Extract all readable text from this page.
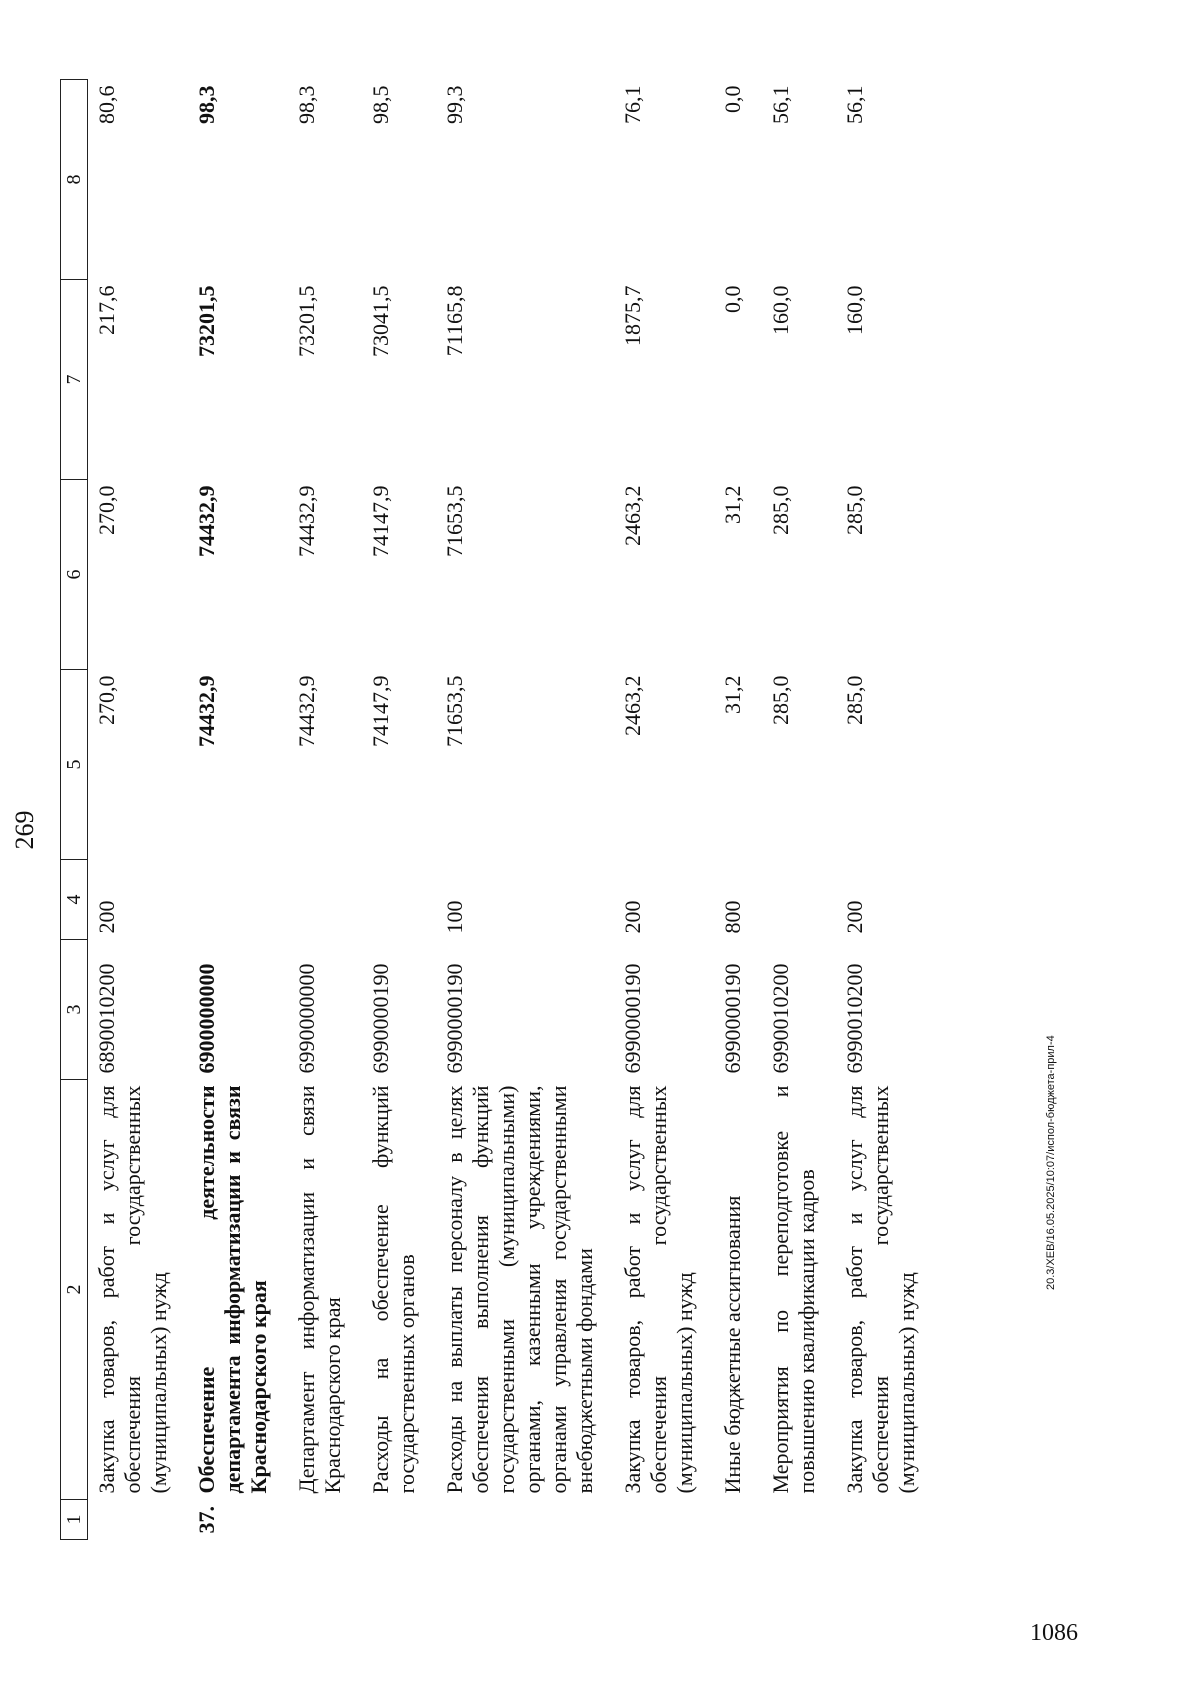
269
1	2	3	4	5	6	7	8
	Закупка товаров, работ и услуг для обеспечения государственных (муниципальных) нужд	6890010200	200	270,0	270,0	217,6	80,6
37.	Обеспечение деятельности департамента информатизации и связи Краснодарского края	6900000000		74432,9	74432,9	73201,5	98,3
	Департамент информатизации и связи Краснодарского края	6990000000		74432,9	74432,9	73201,5	98,3
	Расходы на обеспечение функций государственных органов	6990000190		74147,9	74147,9	73041,5	98,5
	Расходы на выплаты персоналу в целях обеспечения выполнения функций государственными (муниципальными) органами, казенными учреждениями, органами управления государственными внебюджетными фондами	6990000190	100	71653,5	71653,5	71165,8	99,3
	Закупка товаров, работ и услуг для обеспечения государственных (муниципальных) нужд	6990000190	200	2463,2	2463,2	1875,7	76,1
	Иные бюджетные ассигнования	6990000190	800	31,2	31,2	0,0	0,0
	Мероприятия по переподготовке и повышению квалификации кадров	6990010200		285,0	285,0	160,0	56,1
	Закупка товаров, работ и услуг для обеспечения государственных (муниципальных) нужд	6990010200	200	285,0	285,0	160,0	56,1
20.3/XEB/16.05.2025/10:07/испол-бюджета-прил-4
1086
